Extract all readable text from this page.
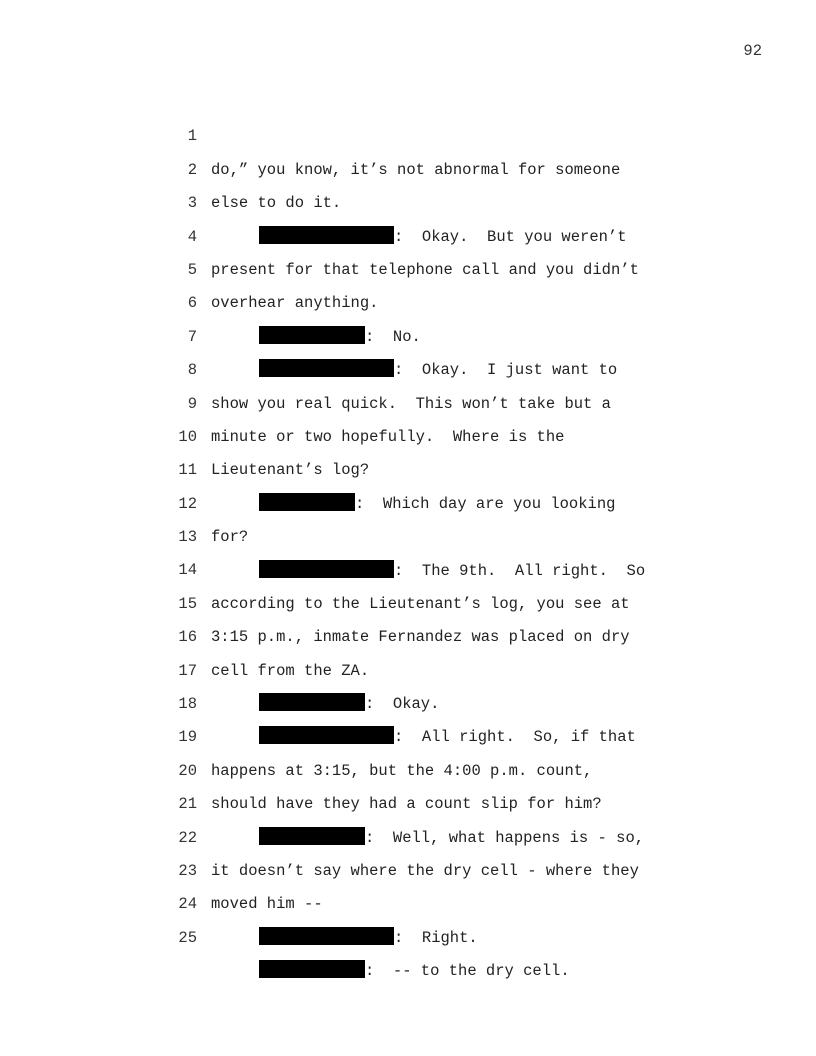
92

1

do,” you know, it’s not abnormal for someone

2

else to do it.

3

:  Okay.  But you weren’t

4

present for that telephone call and you didn’t

5

overhear anything.

6

:  No.

7

:  Okay.  I just want to

8

show you real quick.  This won’t take but a

9

minute or two hopefully.  Where is the

10

Lieutenant’s log?

11

:  Which day are you looking

12

for?

13

:  The 9th.  All right.  So

14

according to the Lieutenant’s log, you see at

15

3:15 p.m., inmate Fernandez was placed on dry

16

cell from the ZA.

17

:  Okay.

18

:  All right.  So, if that

19

happens at 3:15, but the 4:00 p.m. count,

20

should have they had a count slip for him?

21

:  Well, what happens is - so,

22

it doesn’t say where the dry cell - where they

23

moved him --

24

:  Right.

25

:  -- to the dry cell.
